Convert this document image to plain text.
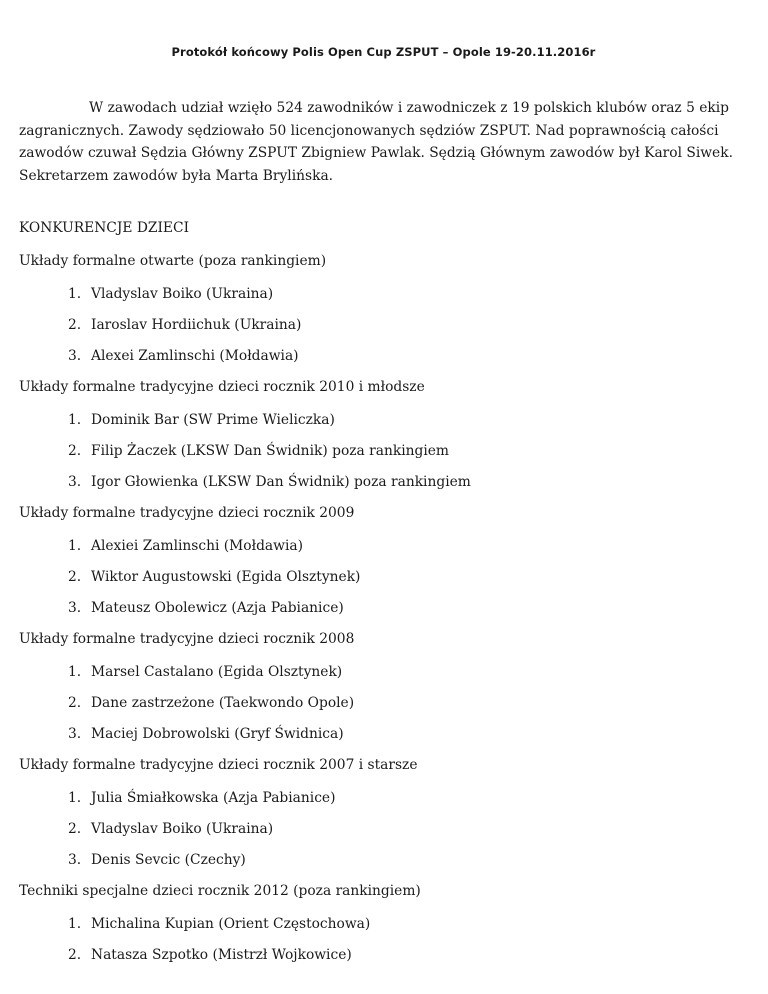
Protokół końcowy Polis Open Cup ZSPUT – Opole 19-20.11.2016r

W zawodach udział wzięło 524 zawodników i zawodniczek z 19 polskich klubów oraz 5 ekip
zagranicznych. Zawody sędziowało 50 licencjonowanych sędziów ZSPUT. Nad poprawnością całości
zawodów czuwał Sędzia Główny ZSPUT Zbigniew Pawlak. Sędzią Głównym zawodów był Karol Siwek.
Sekretarzem zawodów była Marta Brylińska.

KONKURENCJE DZIECI
Układy formalne otwarte (poza rankingiem)
1. Vladyslav Boiko (Ukraina)
2. Iaroslav Hordiichuk (Ukraina)
3. Alexei Zamlinschi (Mołdawia)
Układy formalne tradycyjne dzieci rocznik 2010 i młodsze
1. Dominik Bar (SW Prime Wieliczka)
2. Filip Żaczek (LKSW Dan Świdnik) poza rankingiem
3. Igor Głowienka (LKSW Dan Świdnik) poza rankingiem
Układy formalne tradycyjne dzieci rocznik 2009
1. Alexiei Zamlinschi (Mołdawia)
2. Wiktor Augustowski (Egida Olsztynek)
3. Mateusz Obolewicz (Azja Pabianice)
Układy formalne tradycyjne dzieci rocznik 2008
1. Marsel Castalano (Egida Olsztynek)
2. Dane zastrzeżone (Taekwondo Opole)
3. Maciej Dobrowolski (Gryf Świdnica)
Układy formalne tradycyjne dzieci rocznik 2007 i starsze
1. Julia Śmiałkowska (Azja Pabianice)
2. Vladyslav Boiko (Ukraina)
3. Denis Sevcic (Czechy)
Techniki specjalne dzieci rocznik 2012 (poza rankingiem)
1. Michalina Kupian (Orient Częstochowa)
2. Natasza Szpotko (Mistrzł Wojkowice)
